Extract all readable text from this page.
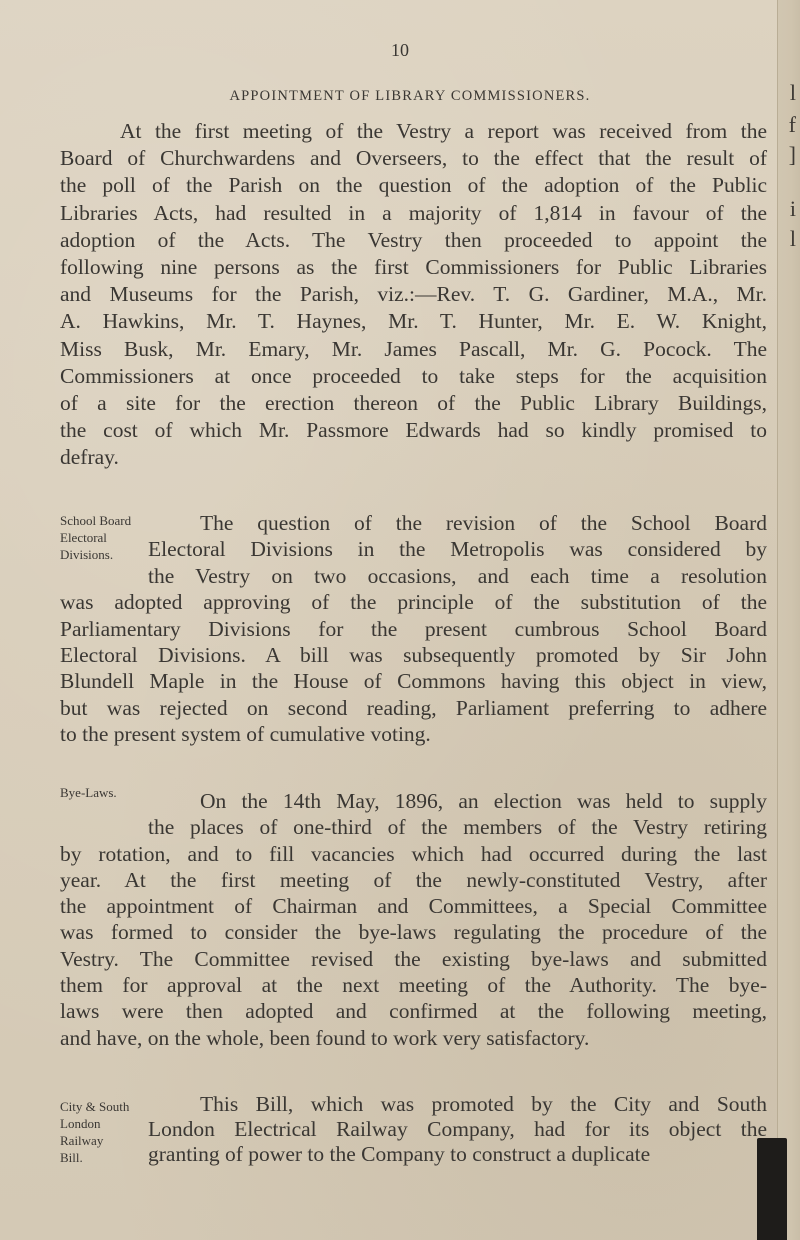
l
f
]
i
l
10
APPOINTMENT OF LIBRARY COMMISSIONERS.
At the first meeting of the Vestry a report was received from the
Board of Churchwardens and Overseers, to the effect that the result of
the poll of the Parish on the question of the adoption of the Public
Libraries Acts, had resulted in a majority of 1,814 in favour of the
adoption of the Acts. The Vestry then proceeded to appoint the
following nine persons as the first Commissioners for Public Libraries
and Museums for the Parish, viz.:—Rev. T. G. Gardiner, M.A., Mr.
A. Hawkins, Mr. T. Haynes, Mr. T. Hunter, Mr. E. W. Knight,
Miss Busk, Mr. Emary, Mr. James Pascall, Mr. G. Pocock. The
Commissioners at once proceeded to take steps for the acquisition
of a site for the erection thereon of the Public Library Buildings,
the cost of which Mr. Passmore Edwards had so kindly promised to
defray.
School Board
Electoral
Divisions.
The question of the revision of the School Board
Electoral Divisions in the Metropolis was considered by
the Vestry on two occasions, and each time a resolution
was adopted approving of the principle of the substitution of the
Parliamentary Divisions for the present cumbrous School Board
Electoral Divisions. A bill was subsequently promoted by Sir John
Blundell Maple in the House of Commons having this object in view,
but was rejected on second reading, Parliament preferring to adhere
to the present system of cumulative voting.
Bye-Laws.	On the 14th May, 1896, an election was held to supply
the places of one-third of the members of the Vestry retiring
by rotation, and to fill vacancies which had occurred during the last
year. At the first meeting of the newly-constituted Vestry, after
the appointment of Chairman and Committees, a Special Committee
was formed to consider the bye-laws regulating the procedure of the
Vestry. The Committee revised the existing bye-laws and submitted
them for approval at the next meeting of the Authority. The bye-
laws were then adopted and confirmed at the following meeting,
and have, on the whole, been found to work very satisfactory.
City & South
London
Railway
Bill.
This Bill, which was promoted by the City and South
London Electrical Railway Company, had for its object the
granting of power to the Company to construct a duplicate
